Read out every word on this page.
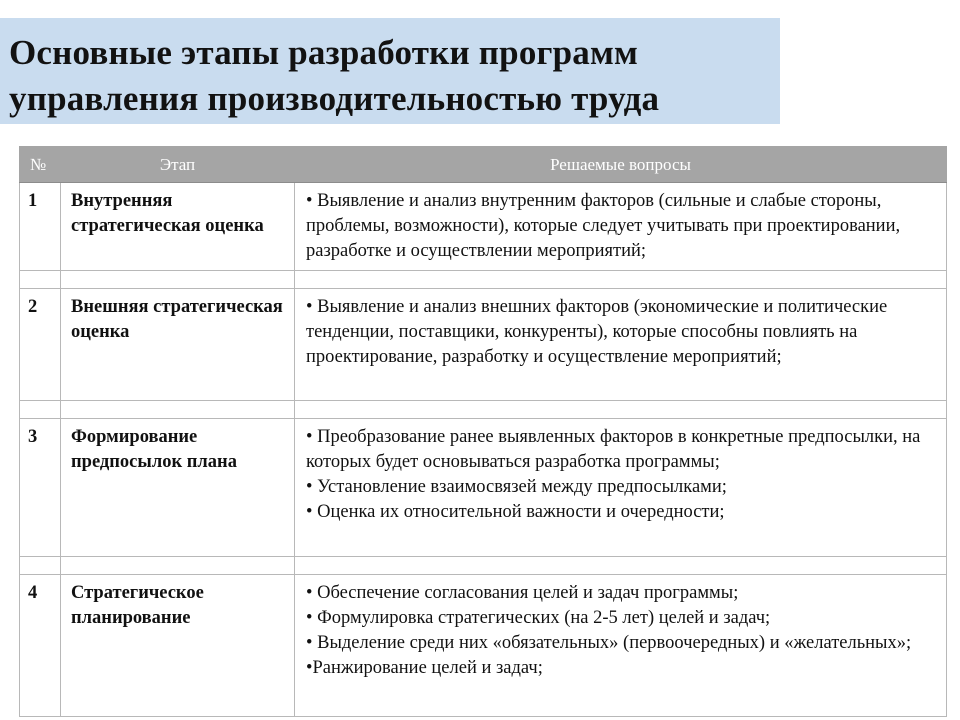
Основные этапы разработки программ
управления производительностью труда
№	Этап	Решаемые вопросы
1	Внутренняя стратегическая оценка	• Выявление и анализ внутренним факторов (сильные и слабые стороны, проблемы, возможности), которые следует учитывать при проектировании, разработке и осуществлении мероприятий;

2	Внешняя стратегическая оценка	• Выявление и анализ внешних факторов (экономические и политические тенденции, поставщики, конкуренты), которые способны повлиять на проектирование, разработку и осуществление мероприятий;

3	Формирование предпосылок плана	• Преобразование ранее выявленных факторов в конкретные предпосылки, на которых будет основываться разработка программы;
• Установление взаимосвязей между предпосылками;
• Оценка их относительной важности и очередности;

4	Стратегическое планирование	• Обеспечение согласования целей и задач программы;
• Формулировка стратегических (на 2-5 лет) целей и задач;
• Выделение среди них «обязательных» (первоочередных) и «желательных»;
•Ранжирование целей и задач;
